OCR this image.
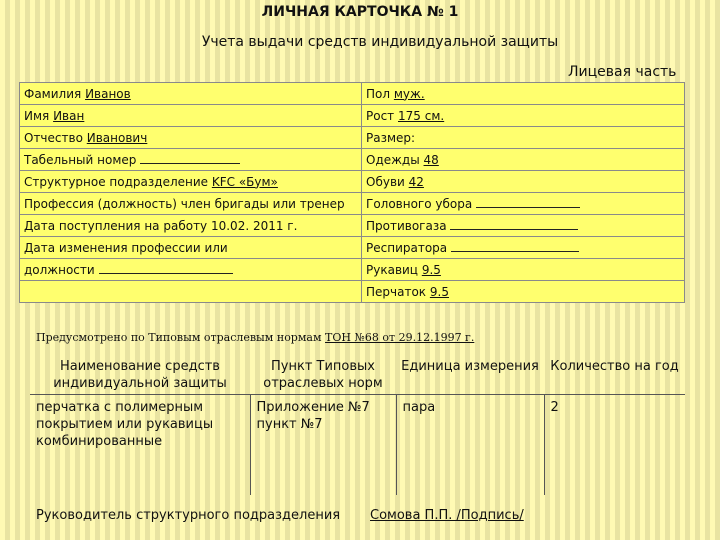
ЛИЧНАЯ КАРТОЧКА № 1
Учета выдачи средств индивидуальной защиты
Лицевая часть
Фамилия Иванов	Пол муж.
Имя Иван	Рост 175 см.
Отчество Иванович	Размер:
Табельный номер	Одежды 48
Структурное подразделение KFC «Бум»	Обуви 42
Профессия (должность) член бригады или тренер	Головного убора
Дата поступления на работу 10.02. 2011 г.	Противогаза
Дата изменения профессии или	Респиратора
должности	Рукавиц 9.5
	Перчаток 9.5
Предусмотрено по Типовым отраслевым нормам ТОН №68 от 29.12.1997 г.
Наименование средств индивидуальной защиты	Пункт Типовых отраслевых норм	Единица измерения	Количество на год
перчатка с полимерным покрытием или рукавицы комбинированные	Приложение №7 пункт №7	пара	2
Руководитель структурного подразделения Сомова П.П. /Подпись/
